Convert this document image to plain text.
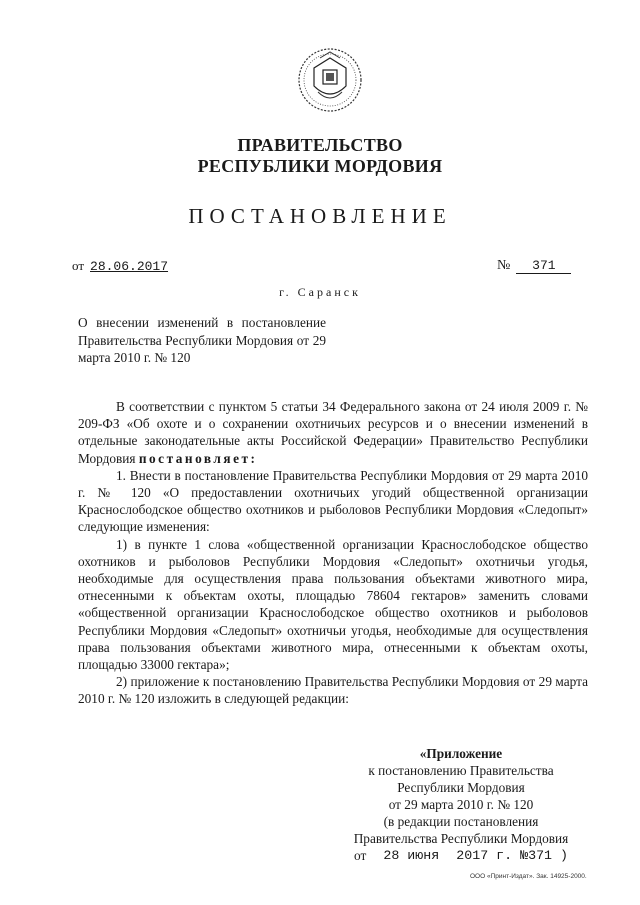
ПРАВИТЕЛЬСТВО
РЕСПУБЛИКИ МОРДОВИЯ
ПОСТАНОВЛЕНИЕ
от 28.06.2017	№ 371
г. Саранск
О внесении изменений в постановление Правительства Республики Мордовия от 29 марта 2010 г. № 120

В соответствии с пунктом 5 статьи 34 Федерального закона от 24 июля 2009 г. № 209-ФЗ «Об охоте и о сохранении охотничьих ресурсов и о внесении изменений в отдельные законодательные акты Российской Федерации» Правительство Республики Мордовия постановляет:

1. Внести в постановление Правительства Республики Мордовия от 29 марта 2010 г. № 120 «О предоставлении охотничьих угодий общественной организации Краснослободское общество охотников и рыболовов Республики Мордовия «Следопыт» следующие изменения:

1) в пункте 1 слова «общественной организации Краснослободское общество охотников и рыболовов Республики Мордовия «Следопыт» охотничьи угодья, необходимые для осуществления права пользования объектами животного мира, отнесенными к объектам охоты, площадью 78604 гектаров» заменить словами «общественной организации Краснослободское общество охотников и рыболовов Республики Мордовия «Следопыт» охотничьи угодья, необходимые для осуществления права пользования объектами животного мира, отнесенными к объектам охоты, площадью 33000 гектара»;

2) приложение к постановлению Правительства Республики Мордовия от 29 марта 2010 г. № 120 изложить в следующей редакции:

«Приложение
к постановлению Правительства
Республики Мордовия
от 29 марта 2010 г. № 120
(в редакции постановления
Правительства Республики Мордовия
от 28 июня 2017 г. №371 )
ООО «Принт-Издат». Зак. 14925-2000.
